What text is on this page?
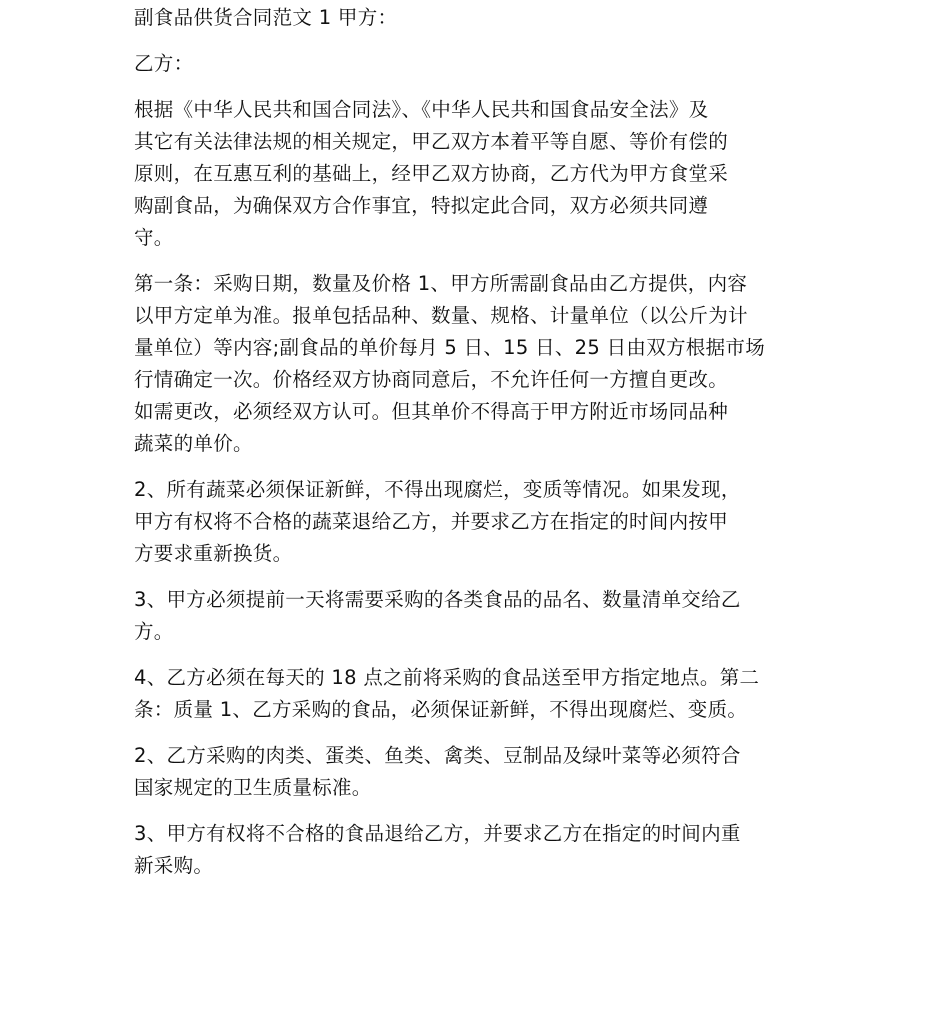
副食品供货合同范文 1 甲方：

乙方：

根据《中华人民共和国合同法》、《中华人民共和国食品安全法》及
其它有关法律法规的相关规定，甲乙双方本着平等自愿、等价有偿的
原则，在互惠互利的基础上，经甲乙双方协商，乙方代为甲方食堂采
购副食品，为确保双方合作事宜，特拟定此合同，双方必须共同遵
守。

第一条：采购日期，数量及价格 1、甲方所需副食品由乙方提供，内容
以甲方定单为准。报单包括品种、数量、规格、计量单位（以公斤为计
量单位）等内容;副食品的单价每月 5 日、15 日、25 日由双方根据市场
行情确定一次。价格经双方协商同意后，不允许任何一方擅自更改。
如需更改，必须经双方认可。但其单价不得高于甲方附近市场同品种
蔬菜的单价。

2、所有蔬菜必须保证新鲜，不得出现腐烂，变质等情况。如果发现，
甲方有权将不合格的蔬菜退给乙方，并要求乙方在指定的时间内按甲
方要求重新换货。

3、甲方必须提前一天将需要采购的各类食品的品名、数量清单交给乙
方。

4、乙方必须在每天的 18 点之前将采购的食品送至甲方指定地点。第二
条：质量 1、乙方采购的食品，必须保证新鲜，不得出现腐烂、变质。

2、乙方采购的肉类、蛋类、鱼类、禽类、豆制品及绿叶菜等必须符合
国家规定的卫生质量标准。

3、甲方有权将不合格的食品退给乙方，并要求乙方在指定的时间内重
新采购。
